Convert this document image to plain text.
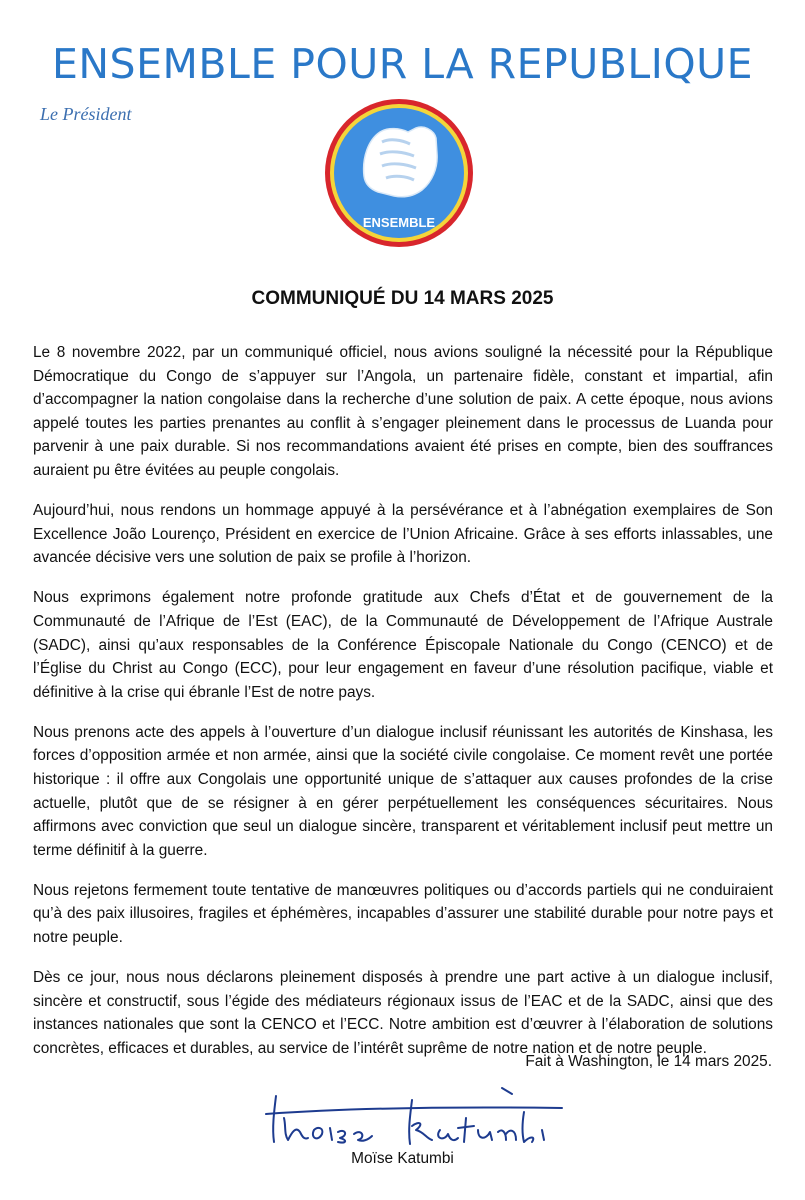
ENSEMBLE POUR LA REPUBLIQUE
Le Président
ENSEMBLE
COMMUNIQUÉ DU 14 MARS 2025

Le 8 novembre 2022, par un communiqué officiel, nous avions souligné la nécessité pour la République Démocratique du Congo de s’appuyer sur l’Angola, un partenaire fidèle, constant et impartial, afin d’accompagner la nation congolaise dans la recherche d’une solution de paix. A cette époque, nous avions appelé toutes les parties prenantes au conflit à s’engager pleinement dans le processus de Luanda pour parvenir à une paix durable. Si nos recommandations avaient été prises en compte, bien des souffrances auraient pu être évitées au peuple congolais.

Aujourd’hui, nous rendons un hommage appuyé à la persévérance et à l’abnégation exemplaires de Son Excellence João Lourenço, Président en exercice de l’Union Africaine. Grâce à ses efforts inlassables, une avancée décisive vers une solution de paix se profile à l’horizon.

Nous exprimons également notre profonde gratitude aux Chefs d’État et de gouvernement de la Communauté de l’Afrique de l’Est (EAC), de la Communauté de Développement de l’Afrique Australe (SADC), ainsi qu’aux responsables de la Conférence Épiscopale Nationale du Congo (CENCO) et de l’Église du Christ au Congo (ECC), pour leur engagement en faveur d’une résolution pacifique, viable et définitive à la crise qui ébranle l’Est de notre pays.

Nous prenons acte des appels à l’ouverture d’un dialogue inclusif réunissant les autorités de Kinshasa, les forces d’opposition armée et non armée, ainsi que la société civile congolaise. Ce moment revêt une portée historique : il offre aux Congolais une opportunité unique de s’attaquer aux causes profondes de la crise actuelle, plutôt que de se résigner à en gérer perpétuellement les conséquences sécuritaires. Nous affirmons avec conviction que seul un dialogue sincère, transparent et véritablement inclusif peut mettre un terme définitif à la guerre.

Nous rejetons fermement toute tentative de manœuvres politiques ou d’accords partiels qui ne conduiraient qu’à des paix illusoires, fragiles et éphémères, incapables d’assurer une stabilité durable pour notre pays et notre peuple.

Dès ce jour, nous nous déclarons pleinement disposés à prendre une part active à un dialogue inclusif, sincère et constructif, sous l’égide des médiateurs régionaux issus de l’EAC et de la SADC, ainsi que des instances nationales que sont la CENCO et l’ECC. Notre ambition est d’œuvrer à l’élaboration de solutions concrètes, efficaces et durables, au service de l’intérêt suprême de notre nation et de notre peuple.

Fait à Washington, le 14 mars 2025.
Moïse Katumbi
